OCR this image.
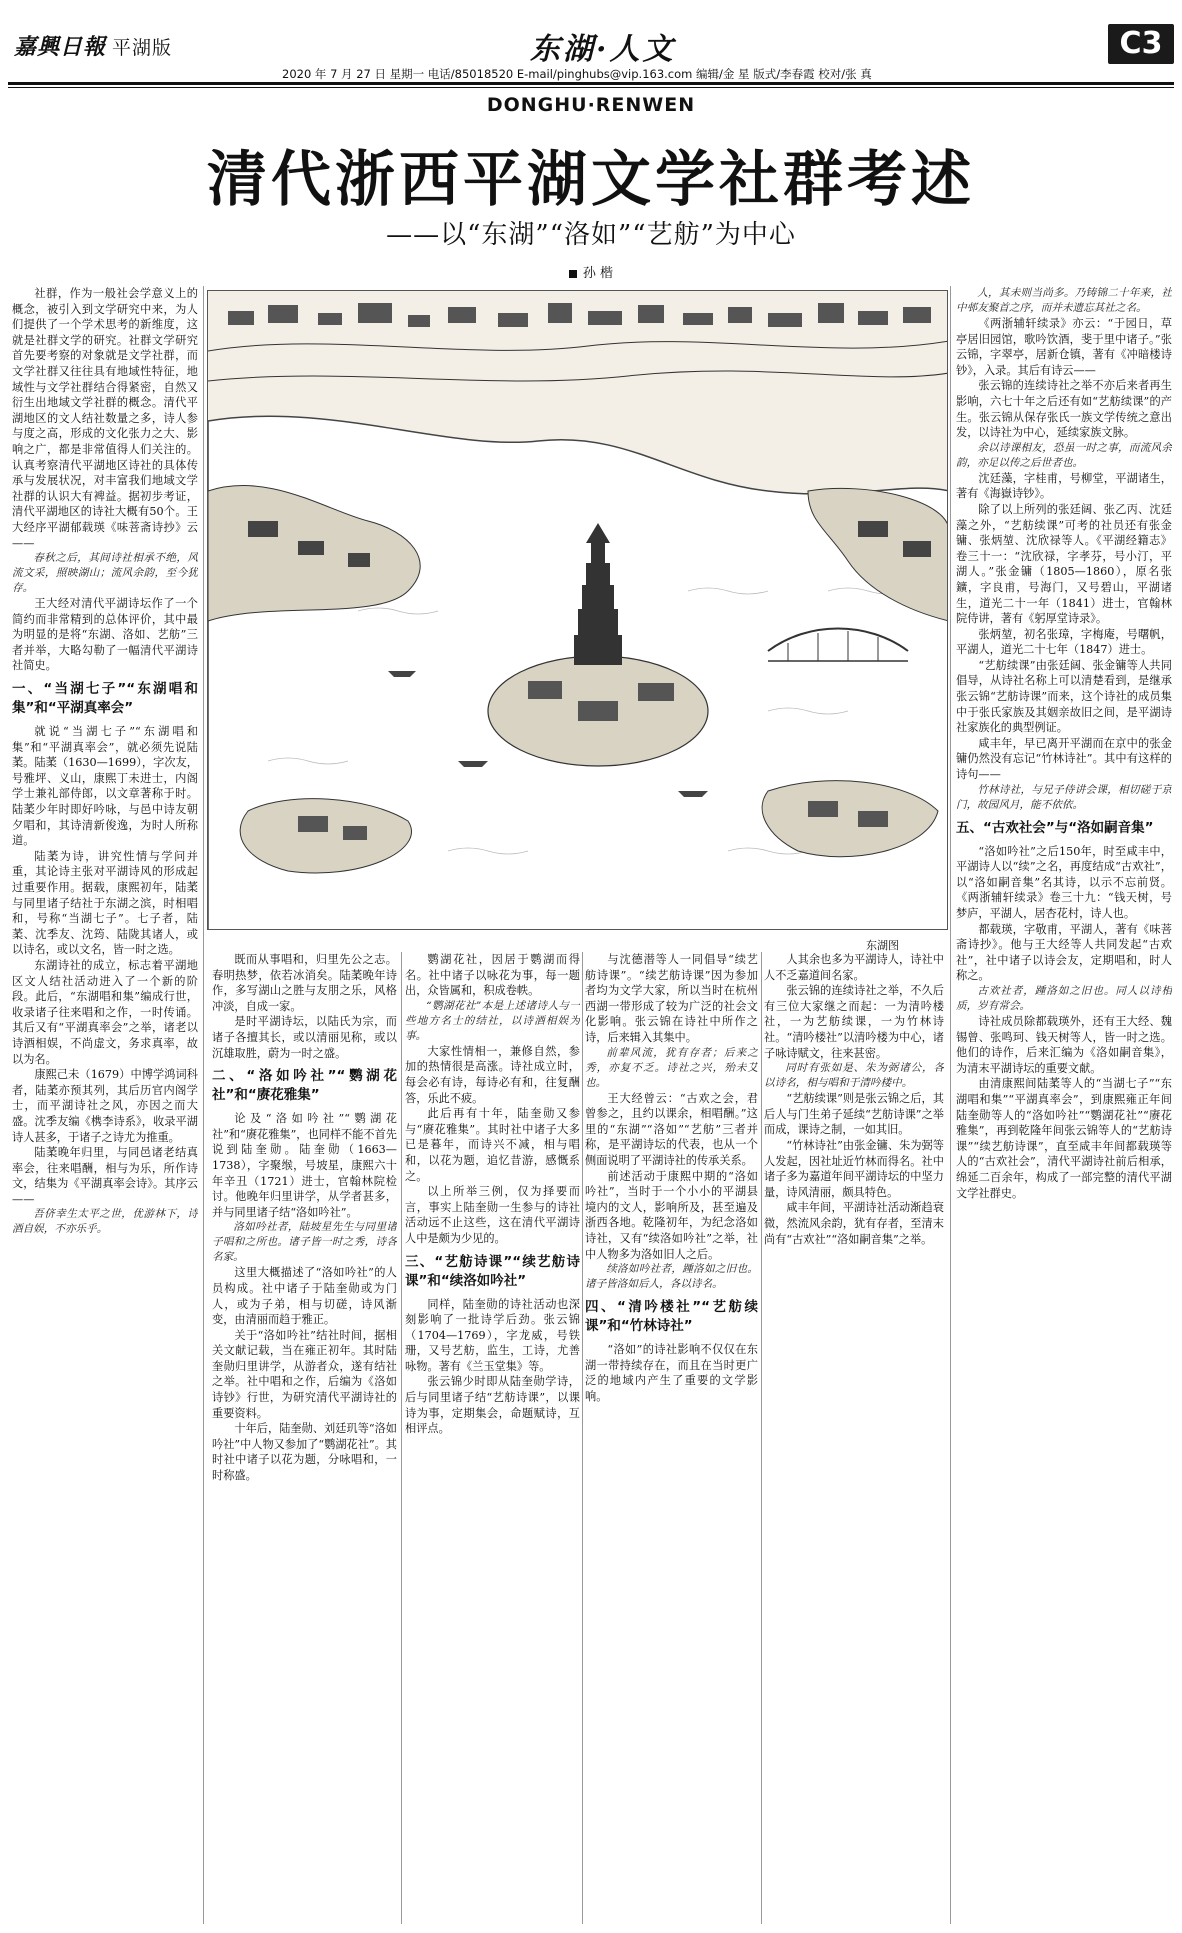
嘉興日報 平湖版	东湖·人文	C3
2020 年 7 月 27 日 星期一 电话/85018520 E-mail/pinghubs@vip.163.com 编辑/金 星 版式/李春霞 校对/张 真
DONGHU·RENWEN
清代浙西平湖文学社群考述
——以“东湖”“洛如”“艺舫”为中心
孙 楷
东湖图

社群，作为一般社会学意义上的概念，被引入到文学研究中来，为人们提供了一个学术思考的新维度，这就是社群文学的研究。社群文学研究首先要考察的对象就是文学社群，而文学社群又往往具有地域性特征，地域性与文学社群结合得紧密，自然又衍生出地域文学社群的概念。清代平湖地区的文人结社数量之多，诗人参与度之高，形成的文化张力之大、影响之广，都是非常值得人们关注的。认真考察清代平湖地区诗社的具体传承与发展状况，对丰富我们地域文学社群的认识大有裨益。据初步考证，清代平湖地区的诗社大概有50个。王大经序平湖郁载瑛《味菩斋诗抄》云——

春秋之后，其间诗社相承不绝，风流文采，照映湖山；流风余韵，至今犹存。

王大经对清代平湖诗坛作了一个简约而非常精到的总体评价，其中最为明显的是将“东湖、洛如、艺舫”三者并举，大略勾勒了一幅清代平湖诗社简史。

一、“当湖七子”“东湖唱和集”和“平湖真率会”

就说“当湖七子”“东湖唱和集”和“平湖真率会”，就必须先说陆葇。陆葇（1630—1699），字次友，号雅坪、义山，康熙丁未进士，内阁学士兼礼部侍郎，以文章著称于时。陆葇少年时即好吟咏，与邑中诗友朝夕唱和，其诗清新俊逸，为时人所称道。

陆葇为诗，讲究性情与学问并重，其论诗主张对平湖诗风的形成起过重要作用。据载，康熙初年，陆葇与同里诸子结社于东湖之滨，时相唱和，号称“当湖七子”。七子者，陆葇、沈季友、沈筠、陆陇其诸人，或以诗名，或以文名，皆一时之选。

东湖诗社的成立，标志着平湖地区文人结社活动进入了一个新的阶段。此后，“东湖唱和集”编成行世，收录诸子往来唱和之作，一时传诵。其后又有“平湖真率会”之举，诸老以诗酒相娱，不尚虚文，务求真率，故以为名。

康熙己未（1679）中博学鸿词科者，陆葇亦预其列，其后历官内阁学士，而平湖诗社之风，亦因之而大盛。沈季友编《槜李诗系》，收录平湖诗人甚多，于诸子之诗尤为推重。

陆葇晚年归里，与同邑诸老结真率会，往来唱酬，相与为乐，所作诗文，结集为《平湖真率会诗》。其序云——

吾侪幸生太平之世，优游林下，诗酒自娱，不亦乐乎。

既而从事唱和，归里先公之志。春明热梦，依若冰消矣。陆葇晚年诗作，多写湖山之胜与友朋之乐，风格冲淡，自成一家。

是时平湖诗坛，以陆氏为宗，而诸子各擅其长，或以清丽见称，或以沉雄取胜，蔚为一时之盛。

二、“洛如吟社”“鹦湖花社”和“赓花雅集”

论及“洛如吟社”“鹦湖花社”和“赓花雅集”，也同样不能不首先说到陆奎勋。陆奎勋（1663—1738），字聚缑，号坡星，康熙六十年辛丑（1721）进士，官翰林院检讨。他晚年归里讲学，从学者甚多，并与同里诸子结“洛如吟社”。

洛如吟社者，陆坡星先生与同里诸子唱和之所也。诸子皆一时之秀，诗各名家。

这里大概描述了“洛如吟社”的人员构成。社中诸子于陆奎勋或为门人，或为子弟，相与切磋，诗风渐变，由清丽而趋于雅正。

关于“洛如吟社”结社时间，据相关文献记载，当在雍正初年。其时陆奎勋归里讲学，从游者众，遂有结社之举。社中唱和之作，后编为《洛如诗钞》行世，为研究清代平湖诗社的重要资料。

十年后，陆奎勋、刘廷玑等“洛如吟社”中人物又参加了“鹦湖花社”。其时社中诸子以花为题，分咏唱和，一时称盛。

鹦湖花社，因居于鹦湖而得名。社中诸子以咏花为事，每一题出，众皆属和，积成卷帙。

“鹦湖花社”本是上述诸诗人与一些地方名士的结社，以诗酒相娱为事。

大家性情相一，兼修自然，参加的热情很是高涨。诗社成立时，每会必有诗，每诗必有和，往复酬答，乐此不疲。

此后再有十年，陆奎勋又参与“赓花雅集”。其时社中诸子大多已是暮年，而诗兴不减，相与唱和，以花为题，追忆昔游，感慨系之。

以上所举三例，仅为择要而言，事实上陆奎勋一生参与的诗社活动远不止这些，这在清代平湖诗人中是颇为少见的。

三、“艺舫诗课”“续艺舫诗课”和“续洛如吟社”

同样，陆奎勋的诗社活动也深刻影响了一批诗学后劲。张云锦（1704—1769），字龙威，号铁珊，又号艺舫，监生，工诗，尤善咏物。著有《兰玉堂集》等。

张云锦少时即从陆奎勋学诗，后与同里诸子结“艺舫诗课”，以课诗为事，定期集会，命题赋诗，互相评点。

与沈德潜等人一同倡导“续艺舫诗课”。“续艺舫诗课”因为参加者均为文学大家，所以当时在杭州西湖一带形成了较为广泛的社会文化影响。张云锦在诗社中所作之诗，后来辑入其集中。

前辈风流，犹有存者；后来之秀，亦复不乏。诗社之兴，殆未艾也。

王大经曾云：“古欢之会，君曾参之，且约以课余，相唱酬。”这里的“东湖”“洛如”“艺舫”三者并称，是平湖诗坛的代表，也从一个侧面说明了平湖诗社的传承关系。

前述活动于康熙中期的“洛如吟社”，当时于一个小小的平湖县境内的文人，影响所及，甚至遍及浙西各地。乾隆初年，为纪念洛如诗社，又有“续洛如吟社”之举，社中人物多为洛如旧人之后。

续洛如吟社者，踵洛如之旧也。诸子皆洛如后人，各以诗名。

四、“清吟楼社”“艺舫续课”和“竹林诗社”

“洛如”的诗社影响不仅仅在东湖一带持续存在，而且在当时更广泛的地域内产生了重要的文学影响。

人其余也多为平湖诗人，诗社中人不乏嘉道间名家。

张云锦的连续诗社之举，不久后有三位大家继之而起：一为清吟楼社，一为艺舫续课，一为竹林诗社。“清吟楼社”以清吟楼为中心，诸子咏诗赋文，往来甚密。

同时有张如是、朱为弼诸公，各以诗名，相与唱和于清吟楼中。

“艺舫续课”则是张云锦之后，其后人与门生弟子延续“艺舫诗课”之举而成，课诗之制，一如其旧。

“竹林诗社”由张金镛、朱为弼等人发起，因社址近竹林而得名。社中诸子多为嘉道年间平湖诗坛的中坚力量，诗风清丽，颇具特色。

咸丰年间，平湖诗社活动渐趋衰微，然流风余韵，犹有存者，至清末尚有“古欢社”“洛如嗣音集”之举。

人，其未则当尚多。乃铸锦二十年来，社中邨友聚首之序，而并未遗忘其社之名。

《两浙辅轩续录》亦云：“于园日，草亭居旧园馆，歌吟饮酒，斐于里中诸子。”张云锦，字翠亭，居新仓镇，著有《冲暗楼诗钞》，入录。其后有诗云——

张云锦的连续诗社之举不亦后来者再生影响，六七十年之后还有如“艺舫续课”的产生。张云锦从保存张氏一族文学传统之意出发，以诗社为中心，延续家族文脉。

余以诗课相友，恐虽一时之事，而流风余韵，亦足以传之后世者也。

沈廷藻，字桂甫，号柳堂，平湖诸生，著有《海嶽诗钞》。

除了以上所列的张廷阔、张乙丙、沈廷藻之外，“艺舫续课”可考的社员还有张金镛、张炳堃、沈欣禄等人。《平湖经籍志》卷三十一：“沈欣禄，字孝芬，号小汀，平湖人。”张金镛（1805—1860），原名张鑛，字良甫，号海门，又号碧山，平湖诸生，道光二十一年（1841）进士，官翰林院侍讲，著有《躬厚堂诗录》。

张炳堃，初名张璋，字梅庵，号曙帆，平湖人，道光二十七年（1847）进士。

“艺舫续课”由张廷阔、张金镛等人共同倡导，从诗社名称上可以清楚看到，是继承张云锦“艺舫诗课”而来，这个诗社的成员集中于张氏家族及其姻亲故旧之间，是平湖诗社家族化的典型例证。

咸丰年，早已离开平湖而在京中的张金镛仍然没有忘记“竹林诗社”。其中有这样的诗句——

竹林诗社，与兄子侍讲会课，相切磋于京门，故园风月，能不依依。

五、“古欢社会”与“洛如嗣音集”

“洛如吟社”之后150年，时至咸丰中，平湖诗人以“续”之名，再度结成“古欢社”，以“洛如嗣音集”名其诗，以示不忘前贤。《两浙辅轩续录》卷三十九：“钱天树，号梦庐，平湖人，居杏花村，诗人也。

都载瑛，字敬甫，平湖人，著有《味菩斋诗抄》。他与王大经等人共同发起“古欢社”，社中诸子以诗会友，定期唱和，时人称之。

古欢社者，踵洛如之旧也。同人以诗相质，岁有常会。

诗社成员除都载瑛外，还有王大经、魏锡曾、张鸣珂、钱天树等人，皆一时之选。他们的诗作，后来汇编为《洛如嗣音集》，为清末平湖诗坛的重要文献。

由清康熙间陆葇等人的“当湖七子”“东湖唱和集”“平湖真率会”，到康熙雍正年间陆奎勋等人的“洛如吟社”“鹦湖花社”“赓花雅集”，再到乾隆年间张云锦等人的“艺舫诗课”“续艺舫诗课”，直至咸丰年间都载瑛等人的“古欢社会”，清代平湖诗社前后相承，绵延二百余年，构成了一部完整的清代平湖文学社群史。
